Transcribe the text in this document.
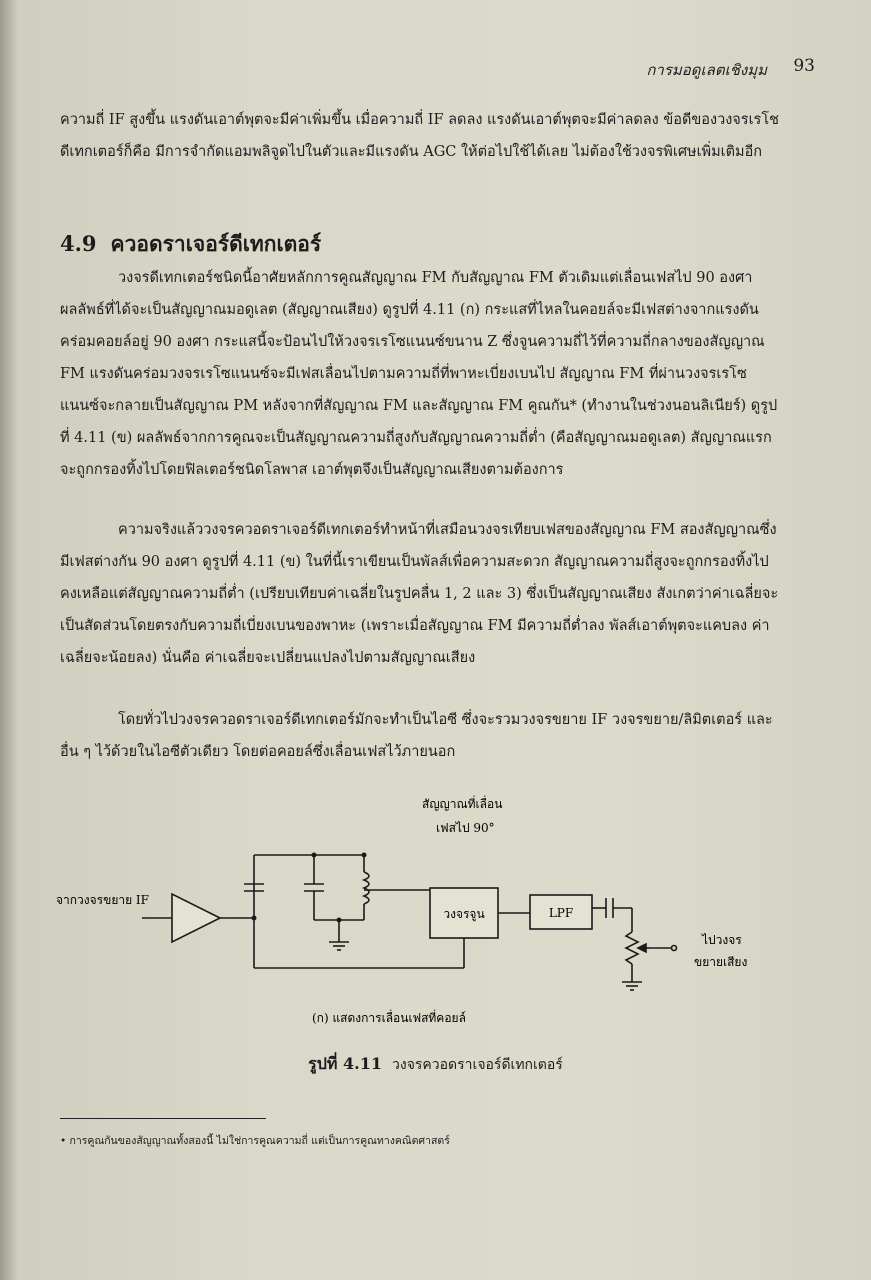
การมอดูเลตเชิงมุม 93

ความถี่ IF สูงขึ้น แรงดันเอาต์พุตจะมีค่าเพิ่มขึ้น เมื่อความถี่ IF ลดลง แรงดันเอาต์พุตจะมีค่าลดลง ข้อดีของวงจรเรโชดีเทกเตอร์ก็คือ มีการจำกัดแอมพลิจูดไปในตัวและมีแรงดัน AGC ให้ต่อไปใช้ได้เลย ไม่ต้องใช้วงจรพิเศษเพิ่มเติมอีก

4.9 ควอดราเจอร์ดีเทกเตอร์

วงจรดีเทกเตอร์ชนิดนี้อาศัยหลักการคูณสัญญาณ FM กับสัญญาณ FM ตัวเดิมแต่เลื่อนเฟสไป 90 องศา ผลลัพธ์ที่ได้จะเป็นสัญญาณมอดูเลต (สัญญาณเสียง) ดูรูปที่ 4.11 (ก) กระแสที่ไหลในคอยล์จะมีเฟสต่างจากแรงดันคร่อมคอยล์อยู่ 90 องศา กระแสนี้จะป้อนไปให้วงจรเรโซแนนซ์ขนาน Z ซึ่งจูนความถี่ไว้ที่ความถี่กลางของสัญญาณ FM แรงดันคร่อมวงจรเรโซแนนซ์จะมีเฟสเลื่อนไปตามความถี่ที่พาหะเบี่ยงเบนไป สัญญาณ FM ที่ผ่านวงจรเรโซแนนซ์จะกลายเป็นสัญญาณ PM หลังจากที่สัญญาณ FM และสัญญาณ FM คูณกัน* (ทำงานในช่วงนอนลิเนียร์) ดูรูปที่ 4.11 (ข) ผลลัพธ์จากการคูณจะเป็นสัญญาณความถี่สูงกับสัญญาณความถี่ต่ำ (คือสัญญาณมอดูเลต) สัญญาณแรกจะถูกกรองทิ้งไปโดยฟิลเตอร์ชนิดโลพาส เอาต์พุตจึงเป็นสัญญาณเสียงตามต้องการ

ความจริงแล้ววงจรควอดราเจอร์ดีเทกเตอร์ทำหน้าที่เสมือนวงจรเทียบเฟสของสัญญาณ FM สองสัญญาณซึ่งมีเฟสต่างกัน 90 องศา ดูรูปที่ 4.11 (ข) ในที่นี้เราเขียนเป็นพัลส์เพื่อความสะดวก สัญญาณความถี่สูงจะถูกกรองทิ้งไป คงเหลือแต่สัญญาณความถี่ต่ำ (เปรียบเทียบค่าเฉลี่ยในรูปคลื่น 1, 2 และ 3) ซึ่งเป็นสัญญาณเสียง สังเกตว่าค่าเฉลี่ยจะเป็นสัดส่วนโดยตรงกับความถี่เบี่ยงเบนของพาหะ (เพราะเมื่อสัญญาณ FM มีความถี่ต่ำลง พัลส์เอาต์พุตจะแคบลง ค่าเฉลี่ยจะน้อยลง) นั่นคือ ค่าเฉลี่ยจะเปลี่ยนแปลงไปตามสัญญาณเสียง

โดยทั่วไปวงจรควอดราเจอร์ดีเทกเตอร์มักจะทำเป็นไอซี ซึ่งจะรวมวงจรขยาย IF วงจรขยาย/ลิมิตเตอร์ และอื่น ๆ ไว้ด้วยในไอซีตัวเดียว โดยต่อคอยล์ซึ่งเลื่อนเฟสไว้ภายนอก

จากวงจรขยาย IF
สัญญาณที่เลื่อน
เฟสไป 90°
วงจรจูน	LPF
ไปวงจร
ขยายเสียง
(ก) แสดงการเลื่อนเฟสที่คอยล์
รูปที่ 4.11 วงจรควอดราเจอร์ดีเทกเตอร์
• การคูณกันของสัญญาณทั้งสองนี้ ไม่ใช่การคูณความถี่ แต่เป็นการคูณทางคณิตศาสตร์
